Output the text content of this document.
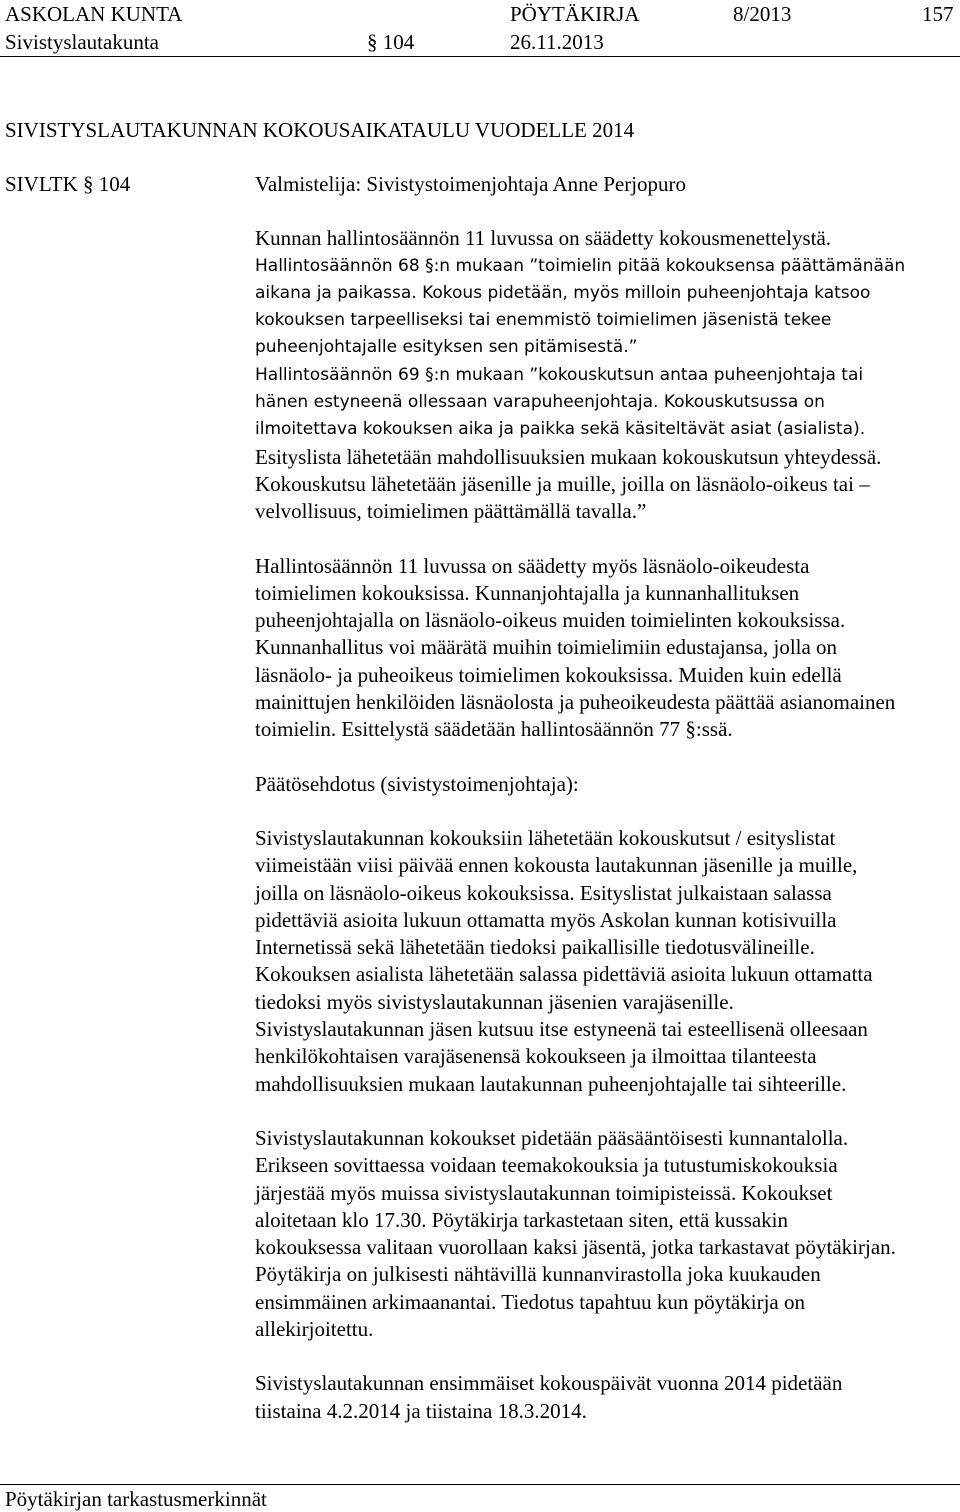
ASKOLAN KUNTA	PÖYTÄKIRJA	8/2013	157
Sivistyslautakunta	§ 104	26.11.2013
SIVISTYSLAUTAKUNNAN KOKOUSAIKATAULU VUODELLE 2014
SIVLTK § 104	Valmistelija: Sivistystoimenjohtaja Anne Perjopuro

Kunnan hallintosäännön 11 luvussa on säädetty kokousmenettelystä.

Hallintosäännön 68 §:n mukaan ”toimielin pitää kokouksensa päättämänään

aikana ja paikassa. Kokous pidetään, myös milloin puheenjohtaja katsoo

kokouksen tarpeelliseksi tai enemmistö toimielimen jäsenistä tekee

puheenjohtajalle esityksen sen pitämisestä.”

Hallintosäännön 69 §:n mukaan ”kokouskutsun antaa puheenjohtaja tai

hänen estyneenä ollessaan varapuheenjohtaja. Kokouskutsussa on

ilmoitettava kokouksen aika ja paikka sekä käsiteltävät asiat (asialista).

Esityslista lähetetään mahdollisuuksien mukaan kokouskutsun yhteydessä.

Kokouskutsu lähetetään jäsenille ja muille, joilla on läsnäolo-oikeus tai –

velvollisuus, toimielimen päättämällä tavalla.”

Hallintosäännön 11 luvussa on säädetty myös läsnäolo-oikeudesta

toimielimen kokouksissa. Kunnanjohtajalla ja kunnanhallituksen

puheenjohtajalla on läsnäolo-oikeus muiden toimielinten kokouksissa.

Kunnanhallitus voi määrätä muihin toimielimiin edustajansa, jolla on

läsnäolo- ja puheoikeus toimielimen kokouksissa. Muiden kuin edellä

mainittujen henkilöiden läsnäolosta ja puheoikeudesta päättää asianomainen

toimielin. Esittelystä säädetään hallintosäännön 77 §:ssä.

Päätösehdotus (sivistystoimenjohtaja):

Sivistyslautakunnan kokouksiin lähetetään kokouskutsut / esityslistat

viimeistään viisi päivää ennen kokousta lautakunnan jäsenille ja muille,

joilla on läsnäolo-oikeus kokouksissa. Esityslistat julkaistaan salassa

pidettäviä asioita lukuun ottamatta myös Askolan kunnan kotisivuilla

Internetissä sekä lähetetään tiedoksi paikallisille tiedotusvälineille.

Kokouksen asialista lähetetään salassa pidettäviä asioita lukuun ottamatta

tiedoksi myös sivistyslautakunnan jäsenien varajäsenille.

Sivistyslautakunnan jäsen kutsuu itse estyneenä tai esteellisenä olleesaan

henkilökohtaisen varajäsenensä kokoukseen ja ilmoittaa tilanteesta

mahdollisuuksien mukaan lautakunnan puheenjohtajalle tai sihteerille.

Sivistyslautakunnan kokoukset pidetään pääsääntöisesti kunnantalolla.

Erikseen sovittaessa voidaan teemakokouksia ja tutustumiskokouksia

järjestää myös muissa sivistyslautakunnan toimipisteissä. Kokoukset

aloitetaan klo 17.30. Pöytäkirja tarkastetaan siten, että kussakin

kokouksessa valitaan vuorollaan kaksi jäsentä, jotka tarkastavat pöytäkirjan.

Pöytäkirja on julkisesti nähtävillä kunnanvirastolla joka kuukauden

ensimmäinen arkimaanantai. Tiedotus tapahtuu kun pöytäkirja on

allekirjoitettu.

Sivistyslautakunnan ensimmäiset kokouspäivät vuonna 2014 pidetään

tiistaina 4.2.2014 ja tiistaina 18.3.2014.

Pöytäkirjan tarkastusmerkinnät
